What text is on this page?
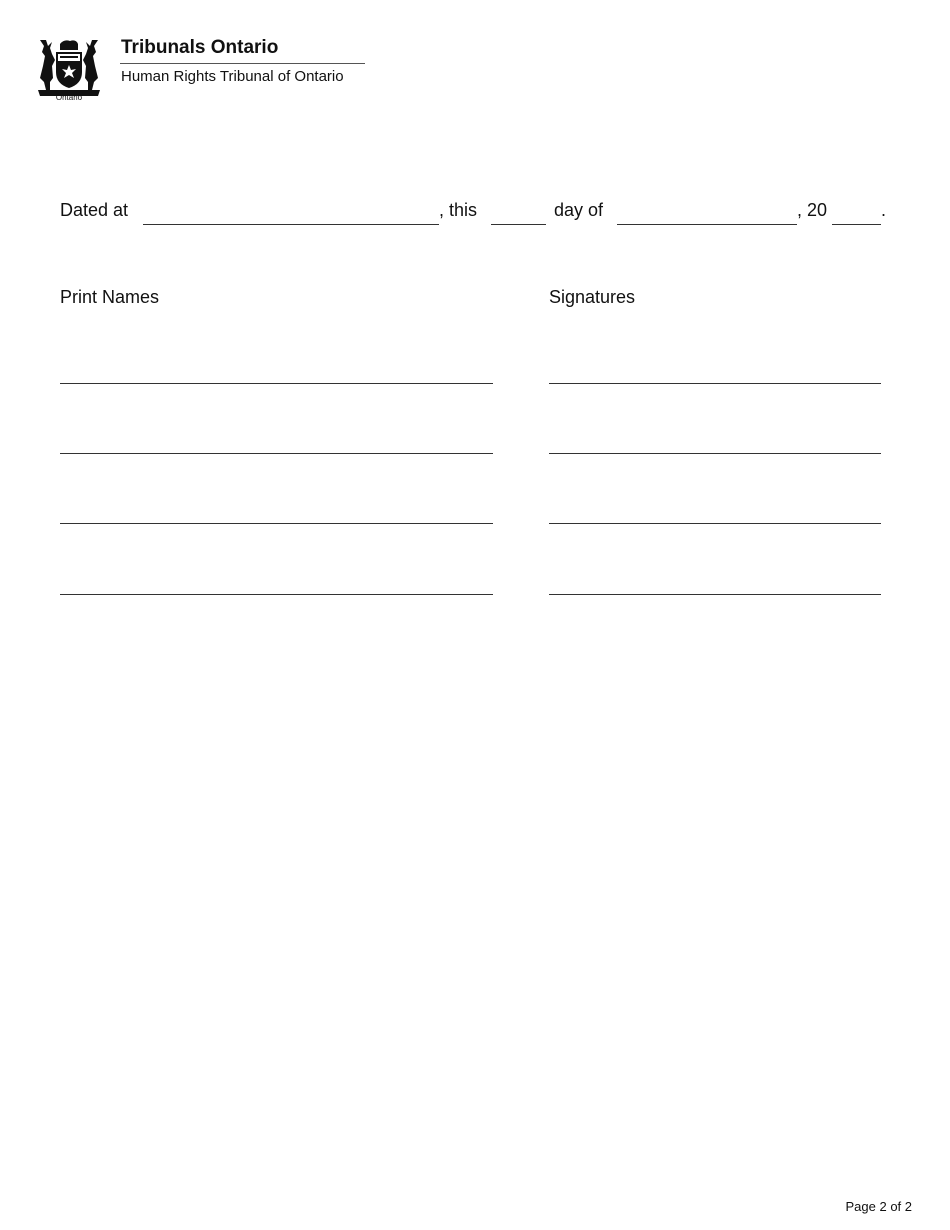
Ontario
Tribunals Ontario
Human Rights Tribunal of Ontario
Dated at	, this	day of	, 20	.
Print Names	Signatures
Page 2 of 2
